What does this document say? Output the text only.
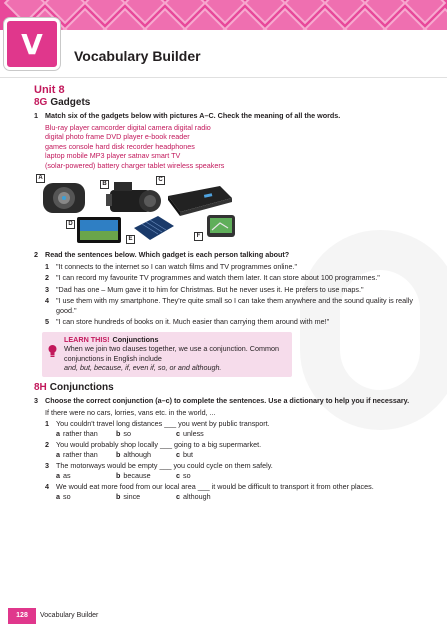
V	Vocabulary Builder
Unit 8
8G Gadgets
1 Match six of the gadgets below with pictures A–C. Check the meaning of all the words.
Blu-ray player camcorder digital camera digital radio
digital photo frame DVD player e-book reader
games console hard disk recorder headphones
laptop mobile MP3 player satnav smart TV
(solar-powered) battery charger tablet wireless speakers
A
B
C
D
E	F
2 Read the sentences below. Which gadget is each person talking about?
1 "It connects to the internet so I can watch films and TV programmes online."
2 "I can record my favourite TV programmes and watch them later. It can store about 100 programmes."
3 "Dad has one – Mum gave it to him for Christmas. But he never uses it. He prefers to use maps."
4 "I use them with my smartphone. They're quite small so I can take them anywhere and the sound quality is really good."
5 "I can store hundreds of books on it. Much easier than carrying them around with me!"
LEARN THIS! Conjunctions
When we join two clauses together, we use a conjunction. Common conjunctions in English include
and, but, because, if, even if, so, or and although.
8H Conjunctions
3 Choose the correct conjunction (a–c) to complete the sentences. Use a dictionary to help you if necessary.
If there were no cars, lorries, vans etc. in the world, ...
1 You couldn't travel long distances ___ you went by public transport.
a rather than	b so	c unless
2 You would probably shop locally ___ going to a big supermarket.
a rather than	b although	c but
3 The motorways would be empty ___ you could cycle on them safely.
a as	b because	c so
4 We would eat more food from our local area ___ it would be difficult to transport it from other places.
a so	b since	c although
128	Vocabulary Builder
